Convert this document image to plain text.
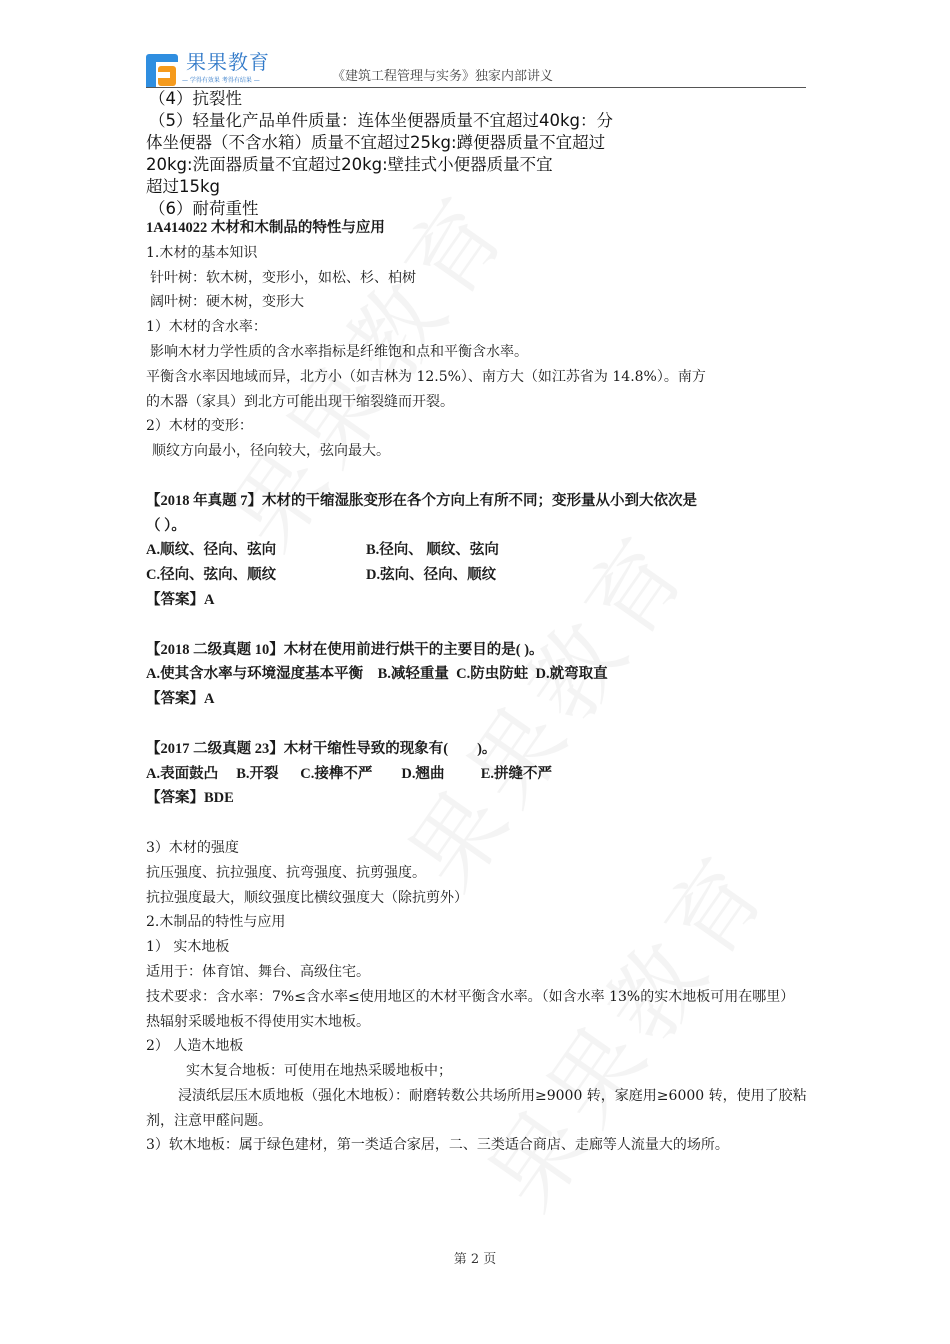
果果教育
— 学得有效果 考得有结果 —	《建筑工程管理与实务》独家内部讲义
（4）抗裂性
（5）轻量化产品单件质量：连体坐便器质量不宜超过40kg：分
体坐便器（不含水箱）质量不宜超过25kg:蹲便器质量不宜超过
20kg:洗面器质量不宜超过20kg:壁挂式小便器质量不宜
超过15kg
（6）耐荷重性
1A414022 木材和木制品的特性与应用
1.木材的基本知识
针叶树：软木树，变形小，如松、杉、柏树
阔叶树：硬木树，变形大
1）木材的含水率：
影响木材力学性质的含水率指标是纤维饱和点和平衡含水率。
平衡含水率因地域而异，北方小（如吉林为 12.5%）、南方大（如江苏省为 14.8%）。南方
的木器（家具）到北方可能出现干缩裂缝而开裂。
2）木材的变形：
顺纹方向最小，径向较大，弦向最大。
【2018 年真题 7】木材的干缩湿胀变形在各个方向上有所不同；变形量从小到大依次是
（ ）。
A.顺纹、径向、弦向	B.径向、 顺纹、弦向
C.径向、弦向、顺纹	D.弦向、径向、顺纹
【答案】A
【2018 二级真题 10】木材在使用前进行烘干的主要目的是( )。
A.使其含水率与环境湿度基本平衡    B.减轻重量  C.防虫防蛀  D.就弯取直
【答案】A
【2017 二级真题 23】木材干缩性导致的现象有(        )。
A.表面鼓凸     B.开裂      C.接榫不严        D.翘曲          E.拼缝不严
【答案】BDE
3）木材的强度
抗压强度、抗拉强度、抗弯强度、抗剪强度。
抗拉强度最大，顺纹强度比横纹强度大（除抗剪外）
2.木制品的特性与应用
1） 实木地板
适用于：体育馆、舞台、高级住宅。
技术要求：含水率：7%≤含水率≤使用地区的木材平衡含水率。（如含水率 13%的实木地板可用在哪里）
热辐射采暖地板不得使用实木地板。
2） 人造木地板
实木复合地板：可使用在地热采暖地板中；
浸渍纸层压木质地板（强化木地板）：耐磨转数公共场所用≥9000 转，家庭用≥6000 转，使用了胶粘剂，注意甲醛问题。
3）软木地板：属于绿色建材，第一类适合家居，二、三类适合商店、走廊等人流量大的场所。
第 2 页
